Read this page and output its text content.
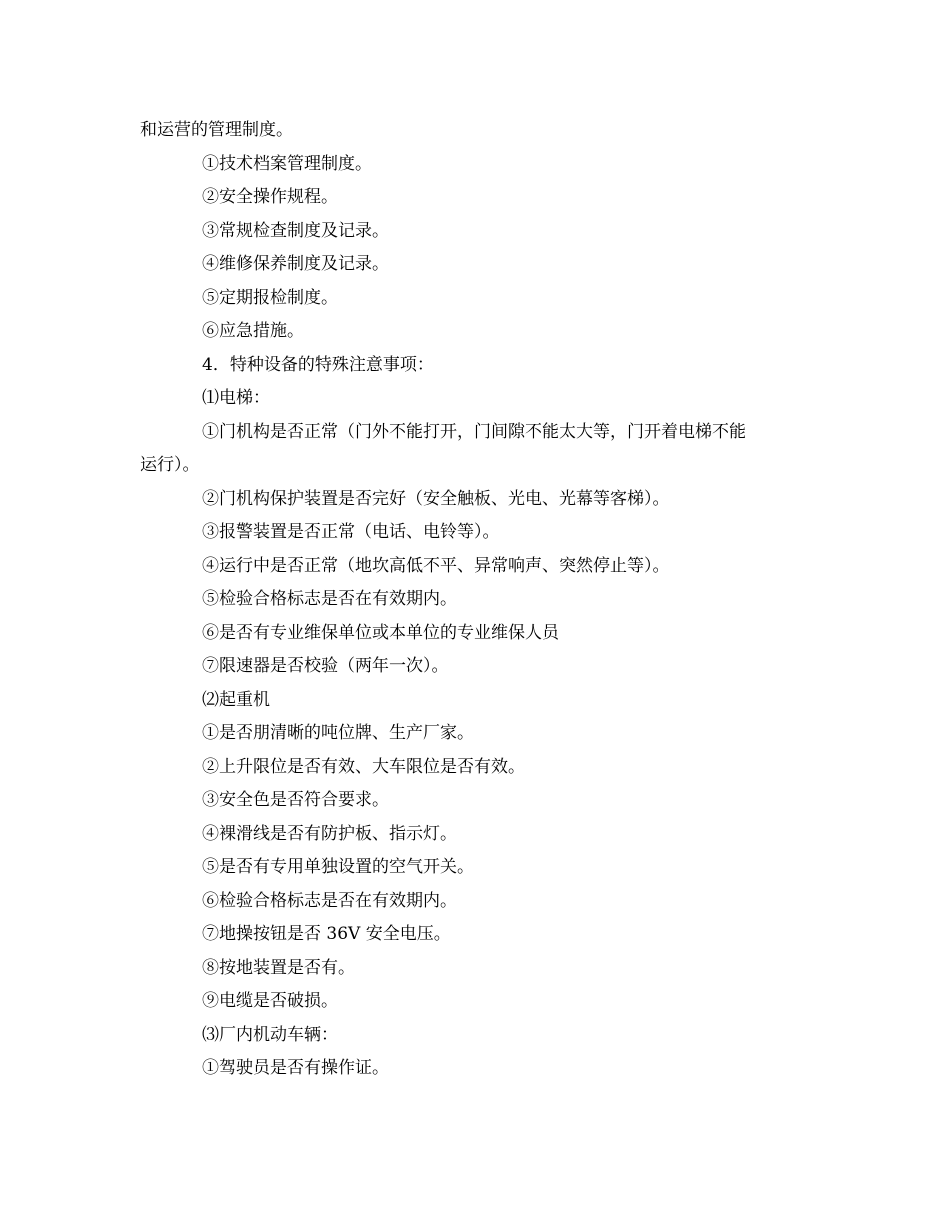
和运营的管理制度。
①技术档案管理制度。
②安全操作规程。
③常规检查制度及记录。
④维修保养制度及记录。
⑤定期报检制度。
⑥应急措施。
4．特种设备的特殊注意事项：
⑴电梯：
①门机构是否正常（门外不能打开，门间隙不能太大等，门开着电梯不能
运行）。
②门机构保护装置是否完好（安全触板、光电、光幕等客梯）。
③报警装置是否正常（电话、电铃等）。
④运行中是否正常（地坎高低不平、异常响声、突然停止等）。
⑤检验合格标志是否在有效期内。
⑥是否有专业维保单位或本单位的专业维保人员
⑦限速器是否校验（两年一次）。
⑵起重机
①是否朋清晰的吨位牌、生产厂家。
②上升限位是否有效、大车限位是否有效。
③安全色是否符合要求。
④裸滑线是否有防护板、指示灯。
⑤是否有专用单独设置的空气开关。
⑥检验合格标志是否在有效期内。
⑦地操按钮是否 36V 安全电压。
⑧按地装置是否有。
⑨电缆是否破损。
⑶厂内机动车辆：
①驾驶员是否有操作证。
